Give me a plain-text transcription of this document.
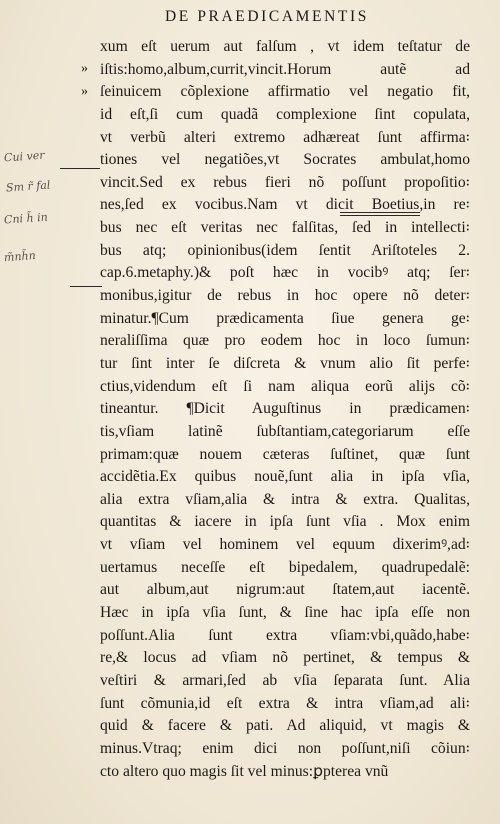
DE PRAEDICAMENTIS
»
»
Cui ver
Sm r̃ fal
Cni h̃ in
m̃nh̃n
xum eſt uerum aut falſum , vt idem teſtatur de
iſtis:homo,album,currit,vincit.Horum autẽ ad
ſeinuicem cõplexione affirmatio vel negatio fit,
id eſt,ſi cum quadã complexione ſint copulata,
vt verbũ alteri extremo adhæreat ſunt affirma꞉
tiones vel negatiões,vt Socrates ambulat,homo
vincit.Sed ex rebus fieri nõ poſſunt propoſitio꞉
nes,ſed ex vocibus.Nam vt dicit Boetius,in re꞉
bus nec eſt veritas nec falſitas, ſed in intellecti꞉
bus atq; opinionibus(idem ſentit Ariſtoteles 2.
cap.6.metaphy.)& poſt hæc in vocibꝰ atq; ſer꞉
monibus,igitur de rebus in hoc opere nõ deter꞉
minatur.¶Cum prædicamenta ſiue genera ge꞉
neraliſſima quæ pro eodem hoc in loco ſumun꞉
tur ſint inter ſe diſcreta & vnum alio ſit perfe꞉
ctius,videndum eſt ſi nam aliqua eorũ alijs cõ꞉
tineantur. ¶Dicit Auguſtinus in prædicamen꞉
tis,vſiam latinẽ ſubſtantiam,categoriarum eſſe
primam:quæ nouem cæteras ſuſtinet, quæ ſunt
accidẽtia.Ex quibus nouẽ,ſunt alia in ipſa vſia,
alia extra vſiam,alia & intra & extra. Qualitas,
quantitas & iacere in ipſa ſunt vſia . Mox enim
vt vſiam vel hominem vel equum dixerimꝰ,ad꞉
uertamus neceſſe eſt bipedalem, quadrupedalẽ:
aut album,aut nigrum:aut ſtatem,aut iacentẽ.
Hæc in ipſa vſia ſunt, & ſine hac ipſa eſſe non
poſſunt.Alia ſunt extra vſiam:vbi,quãdo,habe꞉
re,& locus ad vſiam nõ pertinet, & tempus &
veſtiri & armari,ſed ab vſia ſeparata ſunt. Alia
ſunt cõmunia,id eſt extra & intra vſiam,ad ali꞉
quid & facere & pati. Ad aliquid, vt magis &
minus.Vtraq; enim dici non poſſunt,niſi cõiun꞉
cto altero quo magis ſit vel minus:ꝑpterea vnũ
